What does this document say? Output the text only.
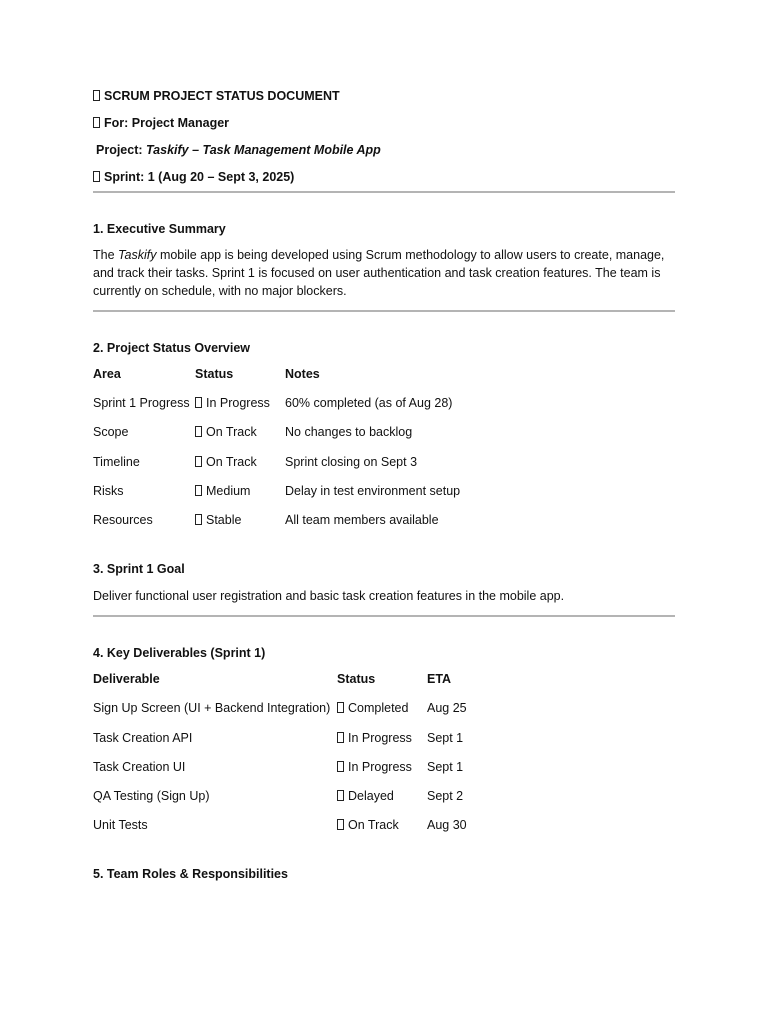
SCRUM PROJECT STATUS DOCUMENT
For: Project Manager
Project: Taskify – Task Management Mobile App
Sprint: 1 (Aug 20 – Sept 3, 2025)
1. Executive Summary
The Taskify mobile app is being developed using Scrum methodology to allow users to create, manage, and track their tasks. Sprint 1 is focused on user authentication and task creation features. The team is currently on schedule, with no major blockers.
2. Project Status Overview
Area	Status	Notes
Sprint 1 Progress	In Progress	60% completed (as of Aug 28)
Scope	On Track	No changes to backlog
Timeline	On Track	Sprint closing on Sept 3
Risks	Medium	Delay in test environment setup
Resources	Stable	All team members available
3. Sprint 1 Goal
Deliver functional user registration and basic task creation features in the mobile app.
4. Key Deliverables (Sprint 1)
Deliverable	Status	ETA
Sign Up Screen (UI + Backend Integration)	Completed	Aug 25
Task Creation API	In Progress	Sept 1
Task Creation UI	In Progress	Sept 1
QA Testing (Sign Up)	Delayed	Sept 2
Unit Tests	On Track	Aug 30
5. Team Roles & Responsibilities
